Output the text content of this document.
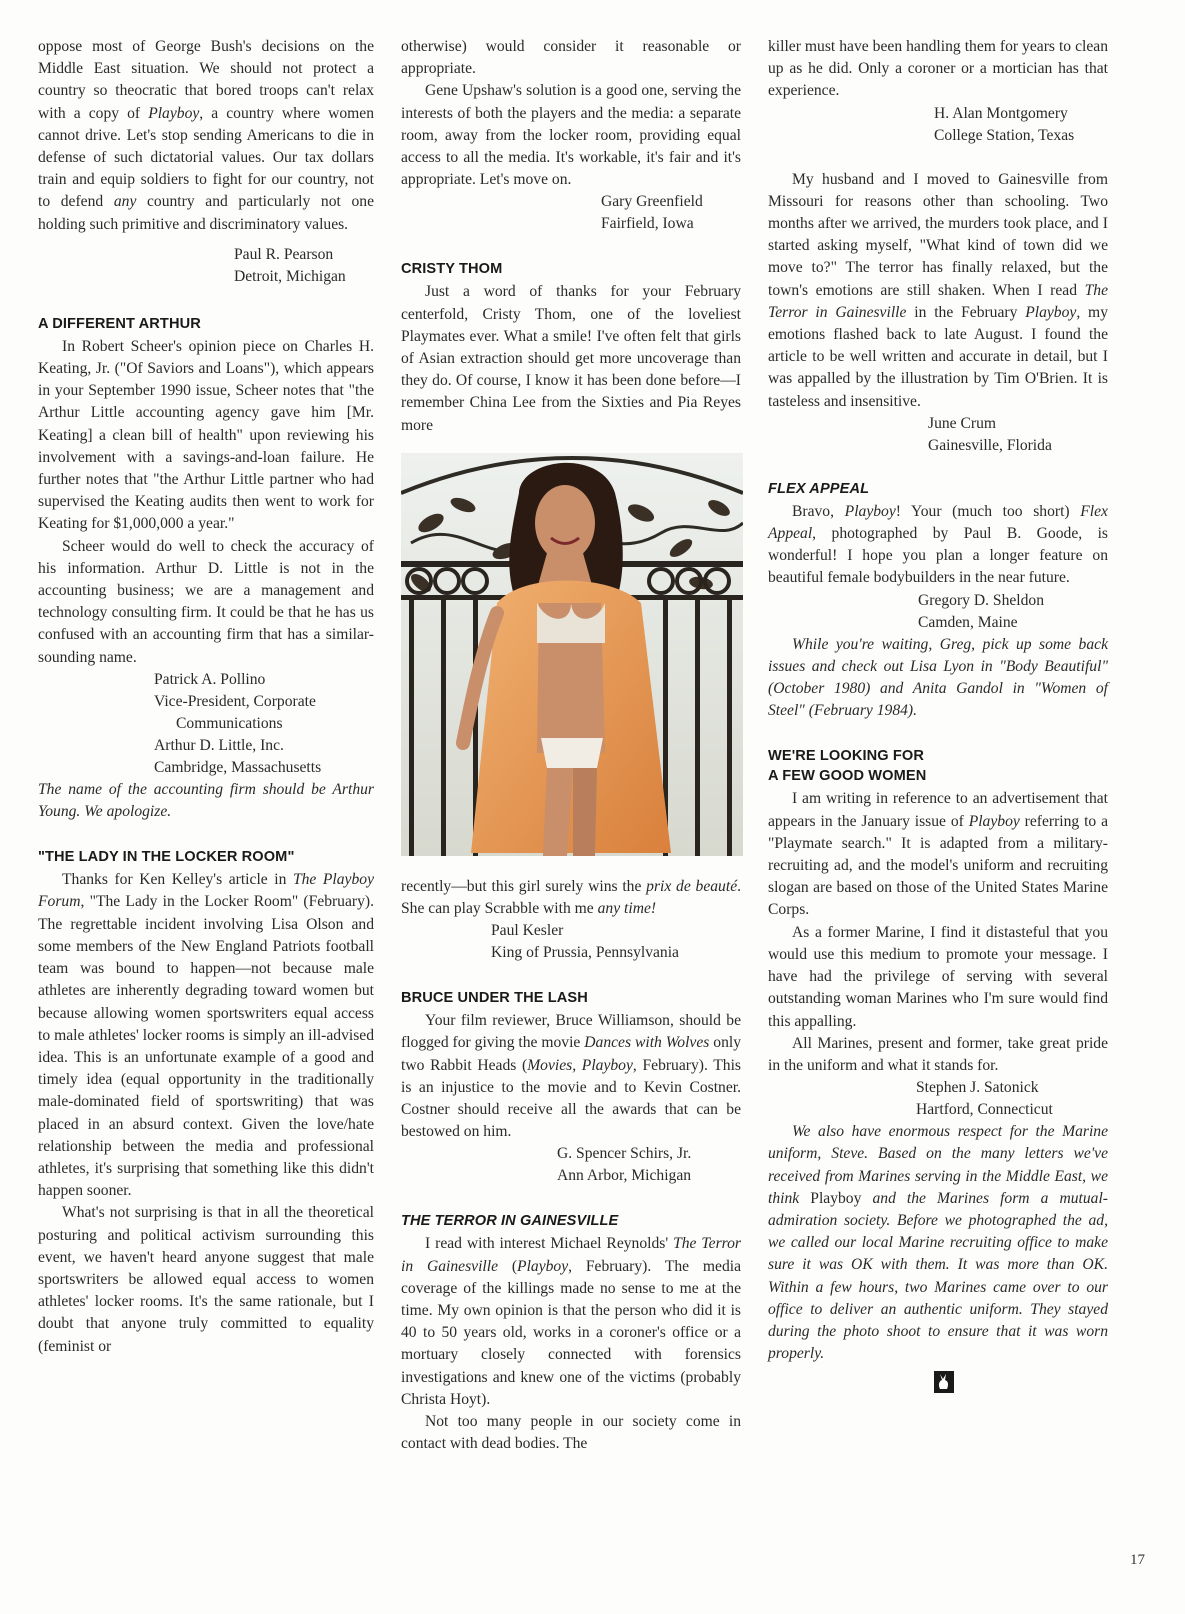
oppose most of George Bush's decisions on the Middle East situation. We should not protect a country so theocratic that bored troops can't relax with a copy of Playboy, a country where women cannot drive. Let's stop sending Americans to die in defense of such dictatorial values. Our tax dollars train and equip soldiers to fight for our country, not to defend any country and particularly not one holding such primitive and discriminatory values.

Paul R. Pearson
Detroit, Michigan
A DIFFERENT ARTHUR

In Robert Scheer's opinion piece on Charles H. Keating, Jr. ("Of Saviors and Loans"), which appears in your September 1990 issue, Scheer notes that "the Arthur Little accounting agency gave him [Mr. Keating] a clean bill of health" upon reviewing his involvement with a savings-and-loan failure. He further notes that "the Arthur Little partner who had supervised the Keating audits then went to work for Keating for $1,000,000 a year."

Scheer would do well to check the accuracy of his information. Arthur D. Little is not in the accounting business; we are a management and technology consulting firm. It could be that he has us confused with an accounting firm that has a similar-sounding name.

Patrick A. Pollino
Vice-President, Corporate
Communications
Arthur D. Little, Inc.
Cambridge, Massachusetts

The name of the accounting firm should be Arthur Young. We apologize.

"THE LADY IN THE LOCKER ROOM"

Thanks for Ken Kelley's article in The Playboy Forum, "The Lady in the Locker Room" (February). The regrettable incident involving Lisa Olson and some members of the New England Patriots football team was bound to happen—not because male athletes are inherently degrading toward women but because allowing women sportswriters equal access to male athletes' locker rooms is simply an ill-advised idea. This is an unfortunate example of a good and timely idea (equal opportunity in the traditionally male-dominated field of sportswriting) that was placed in an absurd context. Given the love/hate relationship between the media and professional athletes, it's surprising that something like this didn't happen sooner.

What's not surprising is that in all the theoretical posturing and political activism surrounding this event, we haven't heard anyone suggest that male sportswriters be allowed equal access to women athletes' locker rooms. It's the same rationale, but I doubt that anyone truly committed to equality (feminist or

otherwise) would consider it reasonable or appropriate.

Gene Upshaw's solution is a good one, serving the interests of both the players and the media: a separate room, away from the locker room, providing equal access to all the media. It's workable, it's fair and it's appropriate. Let's move on.

Gary Greenfield
Fairfield, Iowa
CRISTY THOM

Just a word of thanks for your February centerfold, Cristy Thom, one of the loveliest Playmates ever. What a smile! I've often felt that girls of Asian extraction should get more uncoverage than they do. Of course, I know it has been done before—I remember China Lee from the Sixties and Pia Reyes more

recently—but this girl surely wins the prix de beauté. She can play Scrabble with me any time!

Paul Kesler
King of Prussia, Pennsylvania
BRUCE UNDER THE LASH

Your film reviewer, Bruce Williamson, should be flogged for giving the movie Dances with Wolves only two Rabbit Heads (Movies, Playboy, February). This is an injustice to the movie and to Kevin Costner. Costner should receive all the awards that can be bestowed on him.

G. Spencer Schirs, Jr.
Ann Arbor, Michigan
THE TERROR IN GAINESVILLE

I read with interest Michael Reynolds' The Terror in Gainesville (Playboy, February). The media coverage of the killings made no sense to me at the time. My own opinion is that the person who did it is 40 to 50 years old, works in a coroner's office or a mortuary closely connected with forensics investigations and knew one of the victims (probably Christa Hoyt).

Not too many people in our society come in contact with dead bodies. The

killer must have been handling them for years to clean up as he did. Only a coroner or a mortician has that experience.

H. Alan Montgomery
College Station, Texas

My husband and I moved to Gainesville from Missouri for reasons other than schooling. Two months after we arrived, the murders took place, and I started asking myself, "What kind of town did we move to?" The terror has finally relaxed, but the town's emotions are still shaken. When I read The Terror in Gainesville in the February Playboy, my emotions flashed back to late August. I found the article to be well written and accurate in detail, but I was appalled by the illustration by Tim O'Brien. It is tasteless and insensitive.

June Crum
Gainesville, Florida
FLEX APPEAL

Bravo, Playboy! Your (much too short) Flex Appeal, photographed by Paul B. Goode, is wonderful! I hope you plan a longer feature on beautiful female bodybuilders in the near future.

Gregory D. Sheldon
Camden, Maine

While you're waiting, Greg, pick up some back issues and check out Lisa Lyon in "Body Beautiful" (October 1980) and Anita Gandol in "Women of Steel" (February 1984).

WE'RE LOOKING FOR
A FEW GOOD WOMEN

I am writing in reference to an advertisement that appears in the January issue of Playboy referring to a "Playmate search." It is adapted from a military-recruiting ad, and the model's uniform and recruiting slogan are based on those of the United States Marine Corps.

As a former Marine, I find it distasteful that you would use this medium to promote your message. I have had the privilege of serving with several outstanding woman Marines who I'm sure would find this appalling.

All Marines, present and former, take great pride in the uniform and what it stands for.

Stephen J. Satonick
Hartford, Connecticut

We also have enormous respect for the Marine uniform, Steve. Based on the many letters we've received from Marines serving in the Middle East, we think Playboy and the Marines form a mutual-admiration society. Before we photographed the ad, we called our local Marine recruiting office to make sure it was OK with them. It was more than OK. Within a few hours, two Marines came over to our office to deliver an authentic uniform. They stayed during the photo shoot to ensure that it was worn properly.

17
